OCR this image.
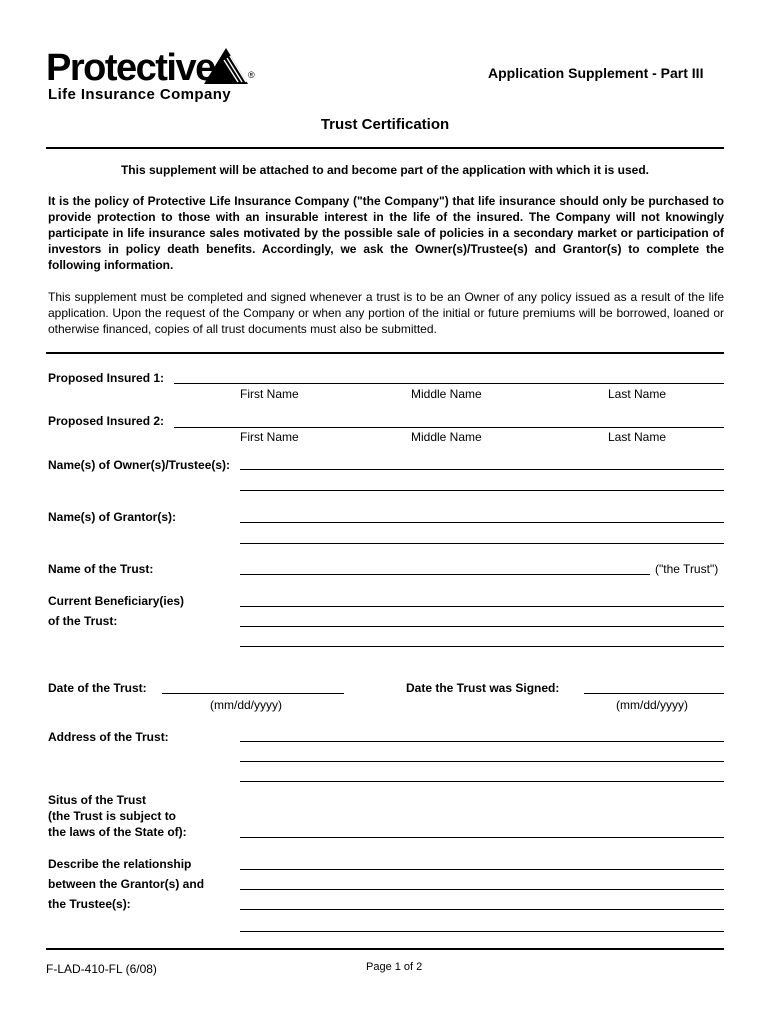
Protective	®
Life Insurance Company
Application Supplement - Part III
Trust Certification
This supplement will be attached to and become part of the application with which it is used.
It is the policy of Protective Life Insurance Company ("the Company") that life insurance should only be purchased to provide protection to those with an insurable interest in the life of the insured. The Company will not knowingly participate in life insurance sales motivated by the possible sale of policies in a secondary market or participation of investors in policy death benefits. Accordingly, we ask the Owner(s)/Trustee(s) and Grantor(s) to complete the following information.
This supplement must be completed and signed whenever a trust is to be an Owner of any policy issued as a result of the life application. Upon the request of the Company or when any portion of the initial or future premiums will be borrowed, loaned or otherwise financed, copies of all trust documents must also be submitted.
Proposed Insured 1:
First Name	Middle Name	Last Name
Proposed Insured 2:
First Name	Middle Name	Last Name
Name(s) of Owner(s)/Trustee(s):
Name(s) of Grantor(s):
Name of the Trust:	("the Trust")
Current Beneficiary(ies)
of the Trust:
Date of the Trust:
(mm/dd/yyyy)
Date the Trust was Signed:
(mm/dd/yyyy)
Address of the Trust:
Situs of the Trust
(the Trust is subject to
the laws of the State of):
Describe the relationship
between the Grantor(s) and
the Trustee(s):
F-LAD-410-FL (6/08)	Page 1 of 2
